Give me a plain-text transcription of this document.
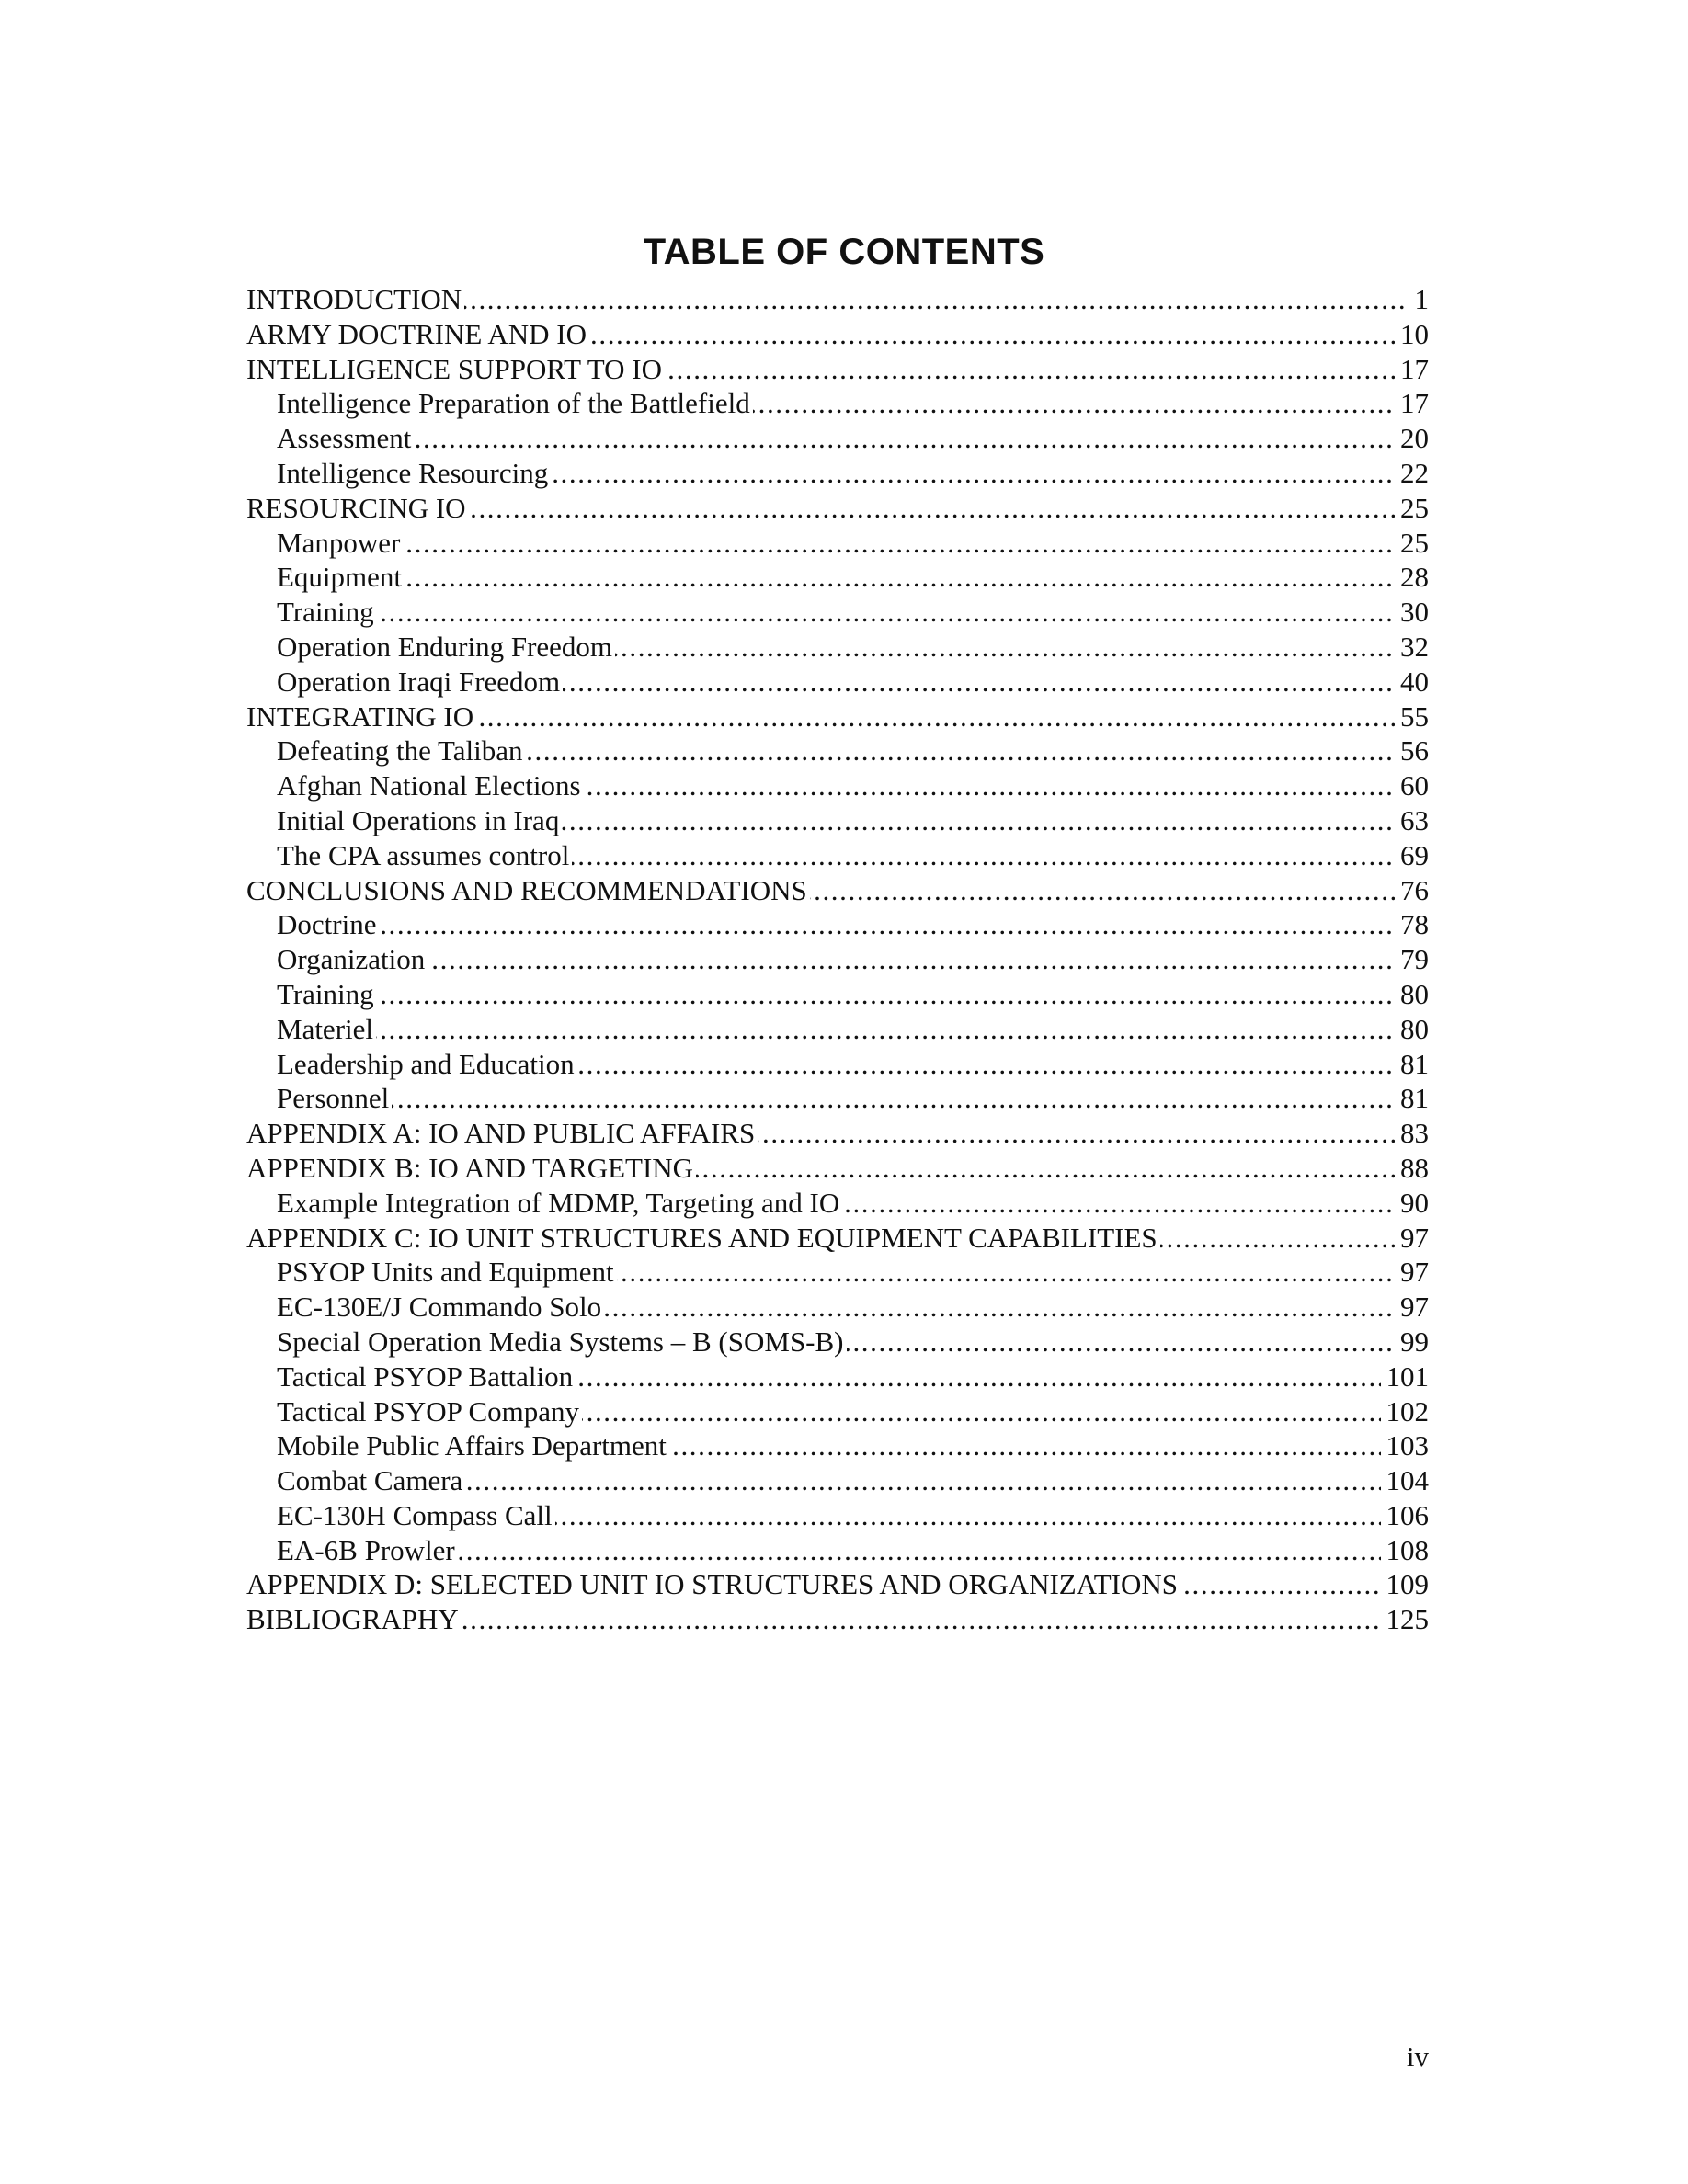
TABLE OF CONTENTS
.....
INTRODUCTION	1
.....
ARMY DOCTRINE AND IO	10
.....
INTELLIGENCE SUPPORT TO IO	17
.....
Intelligence Preparation of the Battlefield	17
.....
Assessment	20
.....
Intelligence Resourcing	22
.....
RESOURCING IO	25
.....
Manpower	25
.....
Equipment	28
.....
Training	30
.....
Operation Enduring Freedom	32
.....
Operation Iraqi Freedom	40
.....
INTEGRATING IO	55
.....
Defeating the Taliban	56
.....
Afghan National Elections	60
.....
Initial Operations in Iraq	63
.....
The CPA assumes control	69
.....
CONCLUSIONS AND RECOMMENDATIONS	76
.....
Doctrine	78
.....
Organization	79
.....
Training	80
.....
Materiel	80
.....
Leadership and Education	81
.....
Personnel	81
.....
APPENDIX A: IO AND PUBLIC AFFAIRS	83
.....
APPENDIX B: IO AND TARGETING	88
.....
Example Integration of MDMP, Targeting and IO	90
.....
APPENDIX C: IO UNIT STRUCTURES AND EQUIPMENT CAPABILITIES	97
.....
PSYOP Units and Equipment	97
.....
EC-130E/J Commando Solo	97
.....
Special Operation Media Systems – B (SOMS-B)	99
.....
Tactical PSYOP Battalion	101
.....
Tactical PSYOP Company	102
.....
Mobile Public Affairs Department	103
.....
Combat Camera	104
.....
EC-130H Compass Call	106
.....
EA-6B Prowler	108
.....
APPENDIX D: SELECTED UNIT IO STRUCTURES AND ORGANIZATIONS	109
.....
BIBLIOGRAPHY	125
iv
